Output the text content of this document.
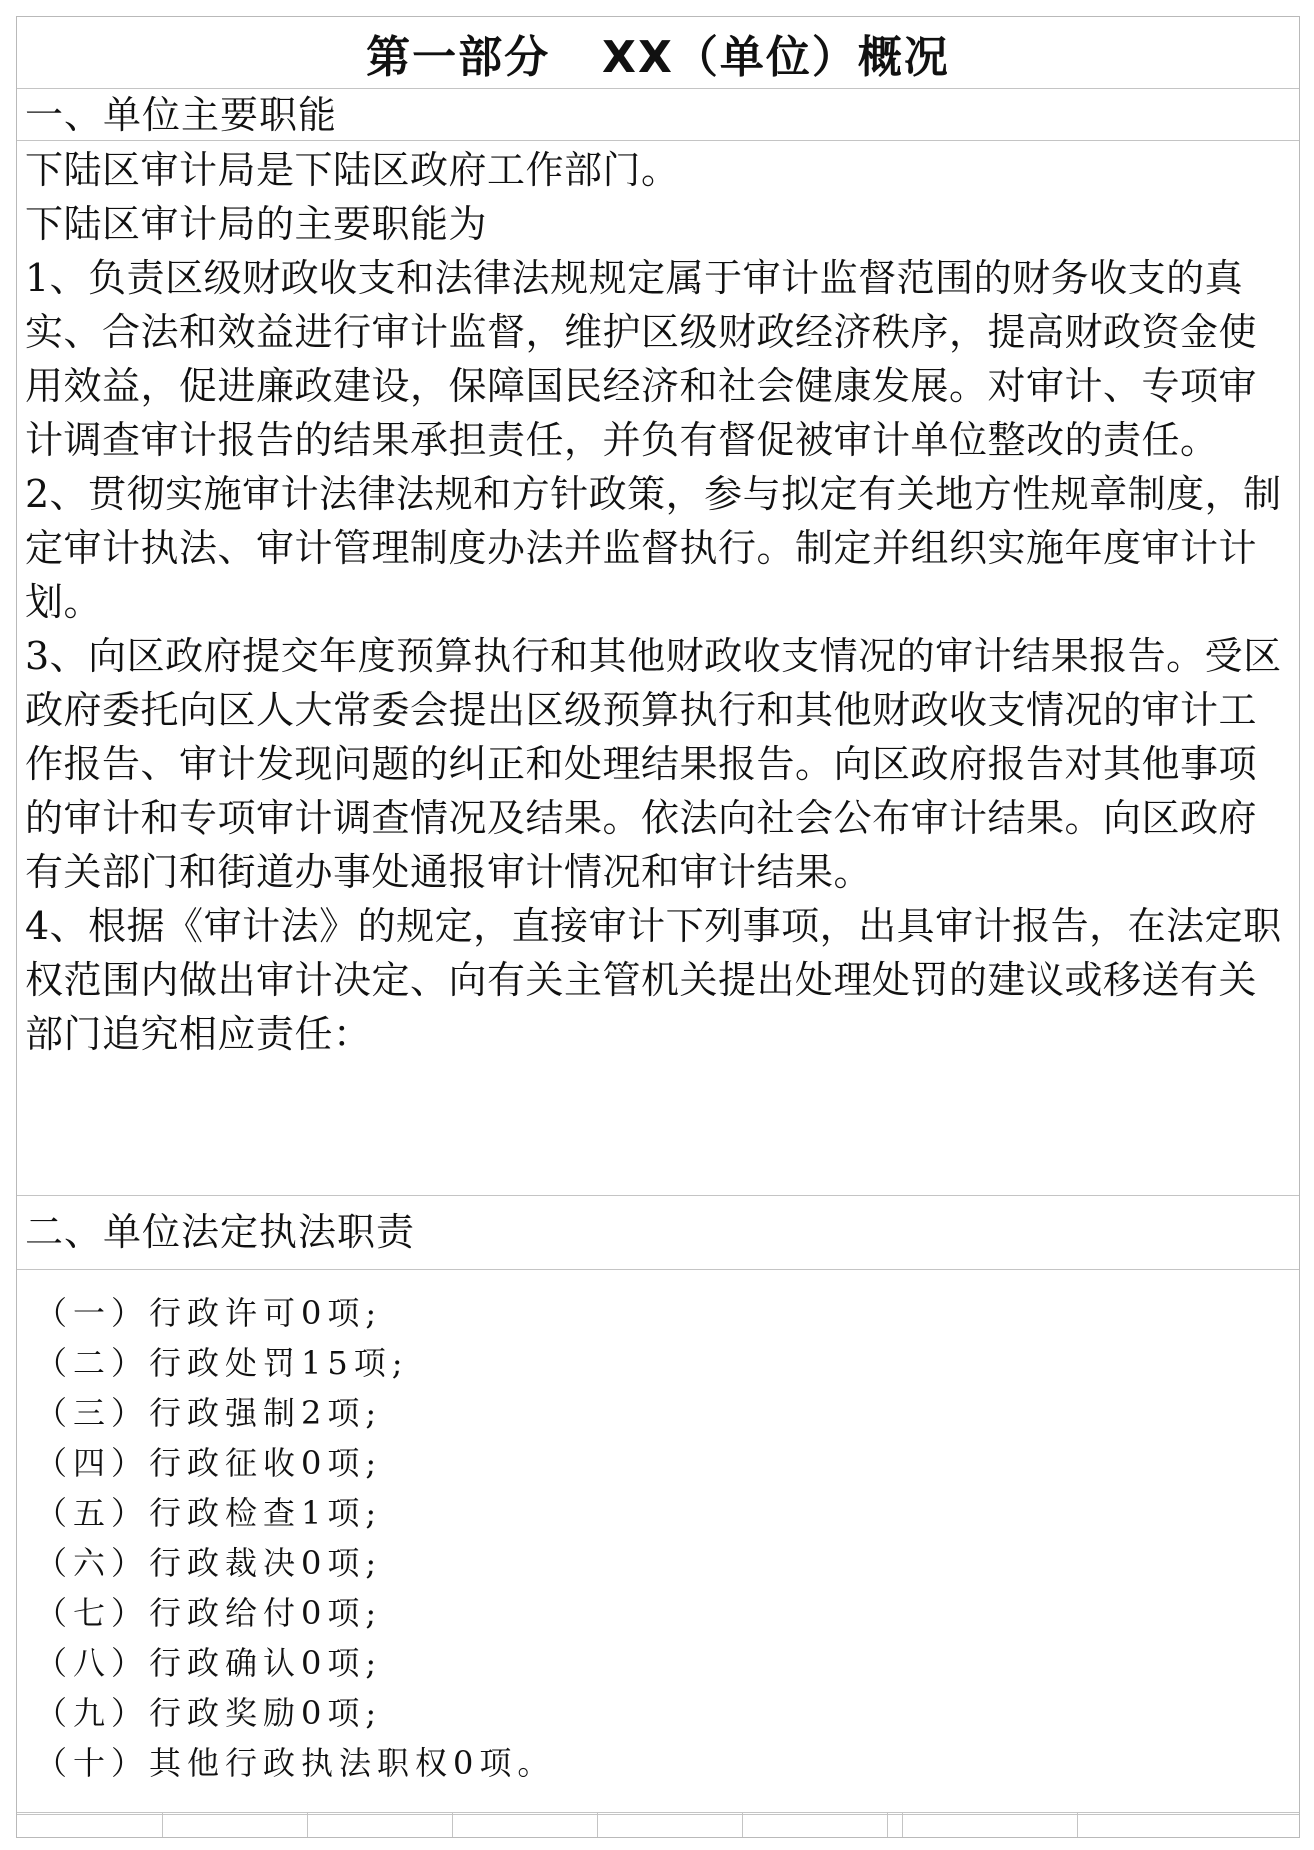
第一部分   XX（单位）概况
一、单位主要职能

下陆区审计局是下陆区政府工作部门。

下陆区审计局的主要职能为

1、负责区级财政收支和法律法规规定属于审计监督范围的财务收支的真实、合法和效益进行审计监督，维护区级财政经济秩序，提高财政资金使用效益，促进廉政建设，保障国民经济和社会健康发展。对审计、专项审计调查审计报告的结果承担责任，并负有督促被审计单位整改的责任。

2、贯彻实施审计法律法规和方针政策，参与拟定有关地方性规章制度，制定审计执法、审计管理制度办法并监督执行。制定并组织实施年度审计计划。

3、向区政府提交年度预算执行和其他财政收支情况的审计结果报告。受区政府委托向区人大常委会提出区级预算执行和其他财政收支情况的审计工作报告、审计发现问题的纠正和处理结果报告。向区政府报告对其他事项的审计和专项审计调查情况及结果。依法向社会公布审计结果。向区政府有关部门和街道办事处通报审计情况和审计结果。

4、根据《审计法》的规定，直接审计下列事项，出具审计报告，在法定职权范围内做出审计决定、向有关主管机关提出处理处罚的建议或移送有关部门追究相应责任：

二、单位法定执法职责
（一）行政许可0项;
（二）行政处罚15项;
（三）行政强制2项;
（四）行政征收0项;
（五）行政检查1项;
（六）行政裁决0项;
（七）行政给付0项;
（八）行政确认0项;
（九）行政奖励0项;
（十）其他行政执法职权0项。
